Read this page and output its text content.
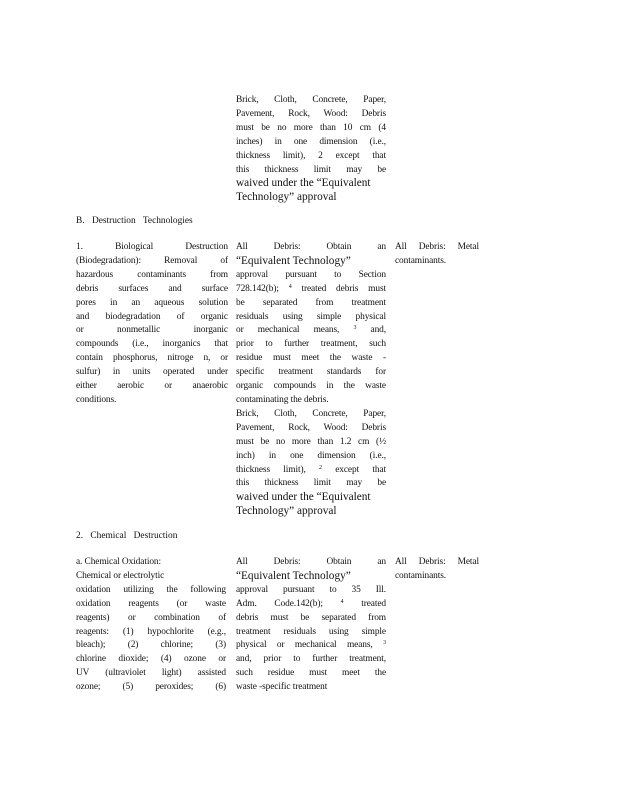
Brick, Cloth, Concrete, Paper,
Pavement, Rock, Wood: Debris
must be no more than 10 cm (4
inches) in one dimension (i.e.,
thickness limit), 2 except that
this thickness limit may be
waived under the “Equivalent
Technology” approval
B. Destruction Technologies
1. Biological Destruction
(Biodegradation): Removal of
hazardous contaminants from
debris surfaces and surface
pores in an aqueous solution
and biodegradation of organic
or nonmetallic inorganic
compounds (i.e., inorganics that
contain phosphorus, nitroge n, or
sulfur) in units operated under
either aerobic or anaerobic
conditions.
All Debris: Obtain an
“Equivalent Technology”
approval pursuant to Section
728.142(b); $^4$ treated debris must
be separated from treatment
residuals using simple physical
or mechanical means, $^3$ and,
prior to further treatment, such
residue must meet the waste -
specific treatment standards for
organic compounds in the waste
contaminating the debris.
Brick, Cloth, Concrete, Paper,
Pavement, Rock, Wood: Debris
must be no more than 1.2 cm (½
inch) in one dimension (i.e.,
thickness limit), $^2$ except that
this thickness limit may be
waived under the “Equivalent
Technology” approval
All Debris: Metal
contaminants.
2. Chemical Destruction
a. Chemical Oxidation:
Chemical or electrolytic
oxidation utilizing the following
oxidation reagents (or waste
reagents) or combination of
reagents: (1) hypochlorite (e.g.,
bleach); (2) chlorine; (3)
chlorine dioxide; (4) ozone or
UV (ultraviolet light) assisted
ozone; (5) peroxides; (6)
All Debris: Obtain an
“Equivalent Technology”
approval pursuant to 35 Ill.
Adm. Code.142(b);	$^4$ treated
debris must be separated from
treatment residuals using simple
physical or mechanical means, $^3$
and, prior to further treatment,
such residue must meet the
waste -specific treatment
All Debris: Metal
contaminants.
